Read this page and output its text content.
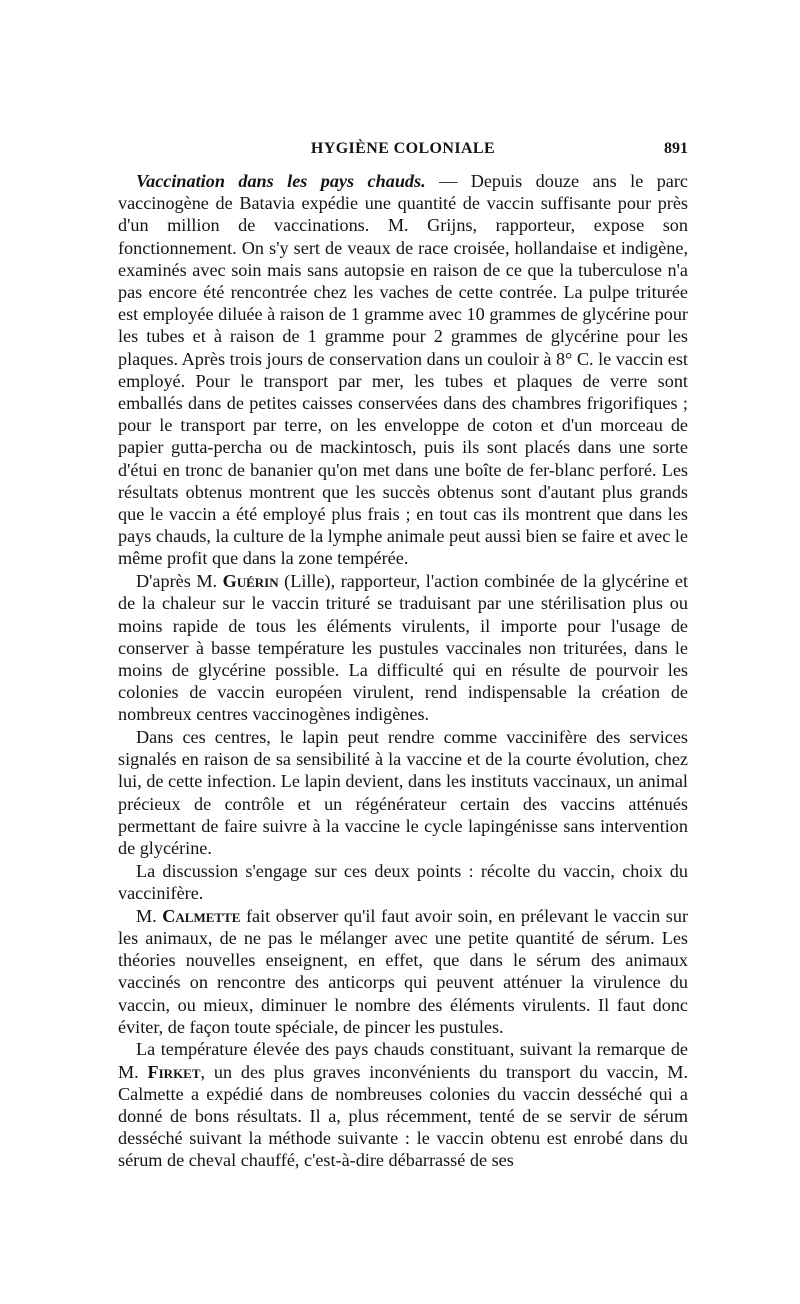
HYGIÈNE COLONIALE	891

Vaccination dans les pays chauds. — Depuis douze ans le parc vaccinogène de Batavia expédie une quantité de vaccin suffisante pour près d'un million de vaccinations. M. Grijns, rapporteur, expose son fonctionnement. On s'y sert de veaux de race croisée, hollandaise et indigène, examinés avec soin mais sans autopsie en raison de ce que la tuberculose n'a pas encore été rencontrée chez les vaches de cette contrée. La pulpe triturée est employée diluée à raison de 1 gramme avec 10 grammes de glycérine pour les tubes et à raison de 1 gramme pour 2 grammes de glycérine pour les plaques. Après trois jours de conservation dans un couloir à 8° C. le vaccin est employé. Pour le transport par mer, les tubes et plaques de verre sont emballés dans de petites caisses conservées dans des chambres frigorifiques ; pour le transport par terre, on les enveloppe de coton et d'un morceau de papier gutta-percha ou de mackintosch, puis ils sont placés dans une sorte d'étui en tronc de bananier qu'on met dans une boîte de fer-blanc perforé. Les résultats obtenus montrent que les succès obtenus sont d'autant plus grands que le vaccin a été employé plus frais ; en tout cas ils montrent que dans les pays chauds, la culture de la lymphe animale peut aussi bien se faire et avec le même profit que dans la zone tempérée.

D'après M. Guérin (Lille), rapporteur, l'action combinée de la glycérine et de la chaleur sur le vaccin trituré se traduisant par une stérilisation plus ou moins rapide de tous les éléments virulents, il importe pour l'usage de conserver à basse température les pustules vaccinales non triturées, dans le moins de glycérine possible. La difficulté qui en résulte de pourvoir les colonies de vaccin européen virulent, rend indispensable la création de nombreux centres vaccinogènes indigènes.

Dans ces centres, le lapin peut rendre comme vaccinifère des services signalés en raison de sa sensibilité à la vaccine et de la courte évolution, chez lui, de cette infection. Le lapin devient, dans les instituts vaccinaux, un animal précieux de contrôle et un régénérateur certain des vaccins atténués permettant de faire suivre à la vaccine le cycle lapingénisse sans intervention de glycérine.

La discussion s'engage sur ces deux points : récolte du vaccin, choix du vaccinifère.

M. Calmette fait observer qu'il faut avoir soin, en prélevant le vaccin sur les animaux, de ne pas le mélanger avec une petite quantité de sérum. Les théories nouvelles enseignent, en effet, que dans le sérum des animaux vaccinés on rencontre des anticorps qui peuvent atténuer la virulence du vaccin, ou mieux, diminuer le nombre des éléments virulents. Il faut donc éviter, de façon toute spéciale, de pincer les pustules.

La température élevée des pays chauds constituant, suivant la remarque de M. Firket, un des plus graves inconvénients du transport du vaccin, M. Calmette a expédié dans de nombreuses colonies du vaccin desséché qui a donné de bons résultats. Il a, plus récemment, tenté de se servir de sérum desséché suivant la méthode suivante : le vaccin obtenu est enrobé dans du sérum de cheval chauffé, c'est-à-dire débarrassé de ses
